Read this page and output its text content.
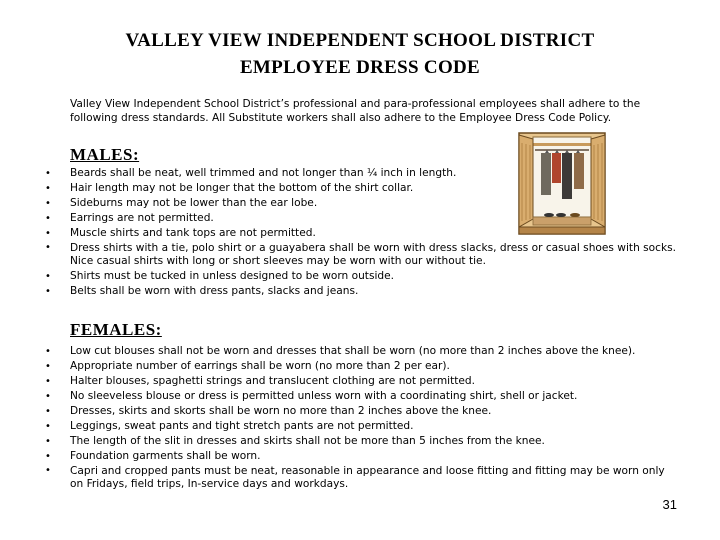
VALLEY VIEW INDEPENDENT SCHOOL DISTRICT
EMPLOYEE DRESS CODE
Valley View Independent School District’s professional and para-professional employees shall adhere to the following dress standards. All Substitute workers shall also adhere to the Employee Dress Code Policy.
MALES:
•	Beards shall be neat, well trimmed and not longer than ¼ inch in length.
•	Hair length may not be longer that the bottom of the shirt collar.
•	Sideburns may not be lower than the ear lobe.
•	Earrings are not permitted.
•	Muscle shirts and tank tops are not permitted.
•	Dress shirts with a tie, polo shirt or a guayabera shall be worn with dress slacks, dress or casual shoes with socks. Nice casual shirts with long or short sleeves may be worn with our without tie.
•	Shirts must be tucked in unless designed to be worn outside.
•	Belts shall be worn with dress pants, slacks and jeans.
FEMALES:
•	Low cut blouses shall not be worn and dresses that shall be worn (no more than 2 inches above the knee).
•	Appropriate number of earrings shall be worn (no more than 2 per ear).
•	Halter blouses, spaghetti strings and translucent clothing are not permitted.
•	No sleeveless blouse or dress is permitted unless worn with a coordinating shirt, shell or jacket.
•	Dresses, skirts and skorts shall be worn no more than 2 inches above the knee.
•	Leggings, sweat pants and tight stretch pants are not permitted.
•	The length of the slit in dresses and skirts shall not be more than 5 inches from the knee.
•	Foundation garments shall be worn.
•	Capri and cropped pants must be neat, reasonable in appearance and loose fitting and fitting may be worn only on Fridays, field trips, In-service days and workdays.
31
